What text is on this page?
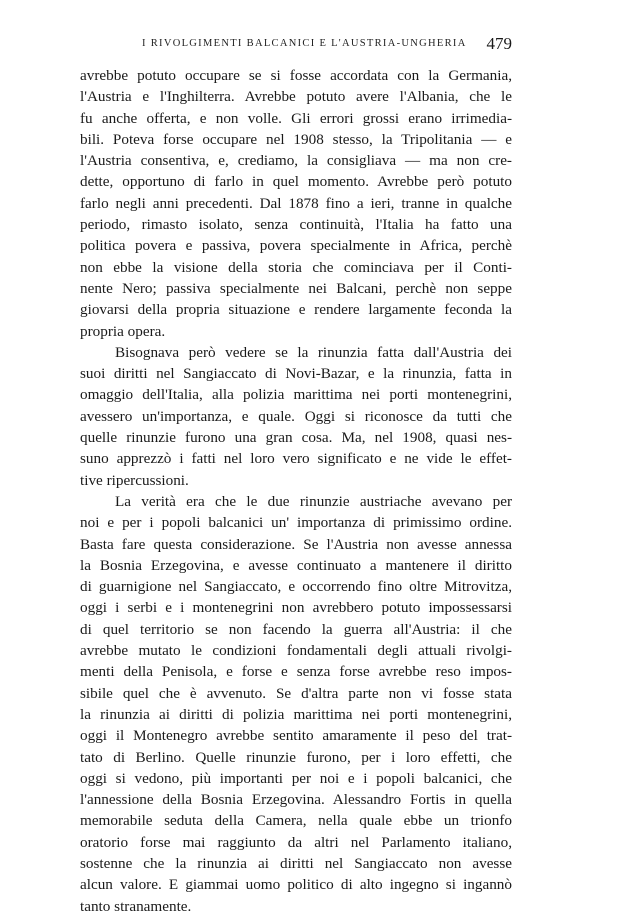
I RIVOLGIMENTI BALCANICI E L'AUSTRIA-UNGHERIA 479
avrebbe potuto occupare se si fosse accordata con la Germania,
l'Austria e l'Inghilterra. Avrebbe potuto avere l'Albania, che le
fu anche offerta, e non volle. Gli errori grossi erano irrimedia-
bili. Poteva forse occupare nel 1908 stesso, la Tripolitania — e
l'Austria consentiva, e, crediamo, la consigliava — ma non cre-
dette, opportuno di farlo in quel momento. Avrebbe però potuto
farlo negli anni precedenti. Dal 1878 fino a ieri, tranne in qualche
periodo, rimasto isolato, senza continuità, l'Italia ha fatto una
politica povera e passiva, povera specialmente in Africa, perchè
non ebbe la visione della storia che cominciava per il Conti-
nente Nero; passiva specialmente nei Balcani, perchè non seppe
giovarsi della propria situazione e rendere largamente feconda la
propria opera.
Bisognava però vedere se la rinunzia fatta dall'Austria dei
suoi diritti nel Sangiaccato di Novi-Bazar, e la rinunzia, fatta in
omaggio dell'Italia, alla polizia marittima nei porti montenegrini,
avessero un'importanza, e quale. Oggi si riconosce da tutti che
quelle rinunzie furono una gran cosa. Ma, nel 1908, quasi nes-
suno apprezzò i fatti nel loro vero significato e ne vide le effet-
tive ripercussioni.
La verità era che le due rinunzie austriache avevano per
noi e per i popoli balcanici un' importanza di primissimo ordine.
Basta fare questa considerazione. Se l'Austria non avesse annessa
la Bosnia Erzegovina, e avesse continuato a mantenere il diritto
di guarnigione nel Sangiaccato, e occorrendo fino oltre Mitrovitza,
oggi i serbi e i montenegrini non avrebbero potuto impossessarsi
di quel territorio se non facendo la guerra all'Austria: il che
avrebbe mutato le condizioni fondamentali degli attuali rivolgi-
menti della Penisola, e forse e senza forse avrebbe reso impos-
sibile quel che è avvenuto. Se d'altra parte non vi fosse stata
la rinunzia ai diritti di polizia marittima nei porti montenegrini,
oggi il Montenegro avrebbe sentito amaramente il peso del trat-
tato di Berlino. Quelle rinunzie furono, per i loro effetti, che
oggi si vedono, più importanti per noi e i popoli balcanici, che
l'annessione della Bosnia Erzegovina. Alessandro Fortis in quella
memorabile seduta della Camera, nella quale ebbe un trionfo
oratorio forse mai raggiunto da altri nel Parlamento italiano,
sostenne che la rinunzia ai diritti nel Sangiaccato non avesse
alcun valore. E giammai uomo politico di alto ingegno si ingannò
tanto stranamente.
